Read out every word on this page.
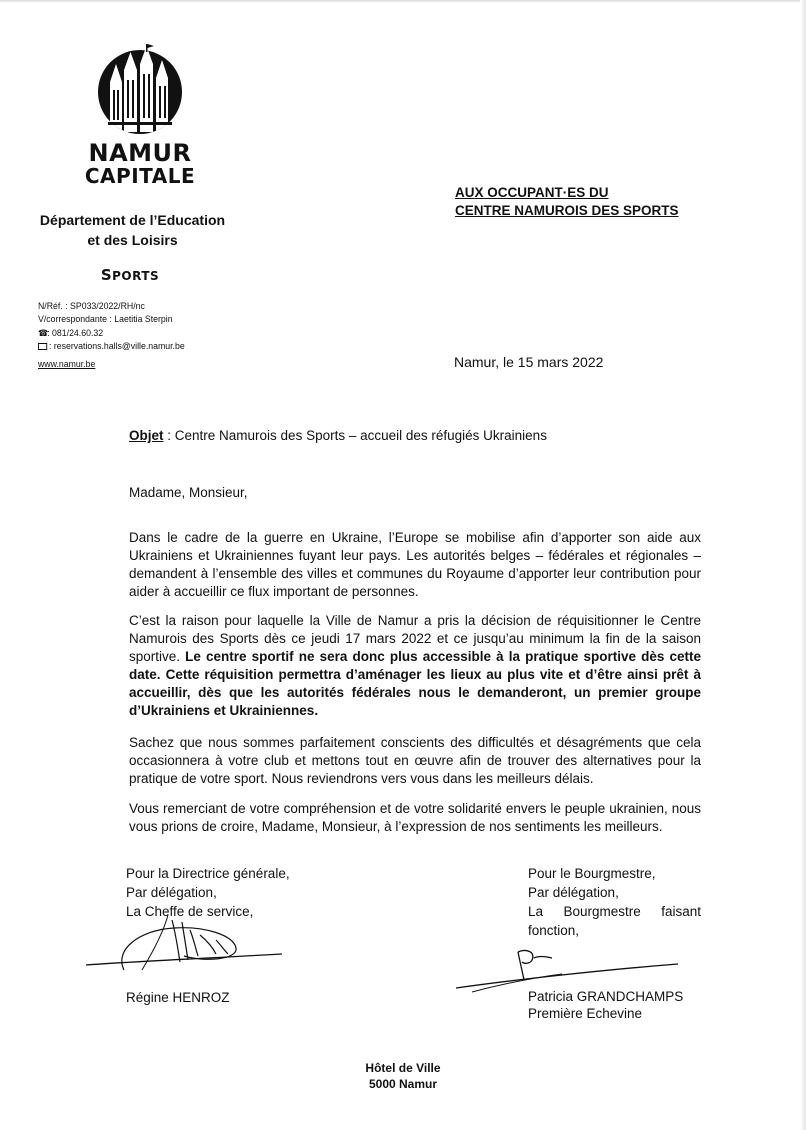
NAMUR
CAPITALE
Département de l’Education
et des Loisirs
SPORTS
N/Réf. : SP033/2022/RH/nc
V/correspondante : Laetitia Sterpin
☎: 081/24.60.32
: reservations.halls@ville.namur.be
www.namur.be
AUX OCCUPANT·ES DU
CENTRE NAMUROIS DES SPORTS
Namur, le 15 mars 2022
Objet : Centre Namurois des Sports – accueil des réfugiés Ukrainiens
Madame, Monsieur,
Dans le cadre de la guerre en Ukraine, l’Europe se mobilise afin d’apporter son aide aux Ukrainiens et Ukrainiennes fuyant leur pays. Les autorités belges – fédérales et régionales – demandent à l’ensemble des villes et communes du Royaume d’apporter leur contribution pour aider à accueillir ce flux important de personnes.
C’est la raison pour laquelle la Ville de Namur a pris la décision de réquisitionner le Centre Namurois des Sports dès ce jeudi 17 mars 2022 et ce jusqu’au minimum la fin de la saison sportive. Le centre sportif ne sera donc plus accessible à la pratique sportive dès cette date. Cette réquisition permettra d’aménager les lieux au plus vite et d’être ainsi prêt à accueillir, dès que les autorités fédérales nous le demanderont, un premier groupe d’Ukrainiens et Ukrainiennes.
Sachez que nous sommes parfaitement conscients des difficultés et désagréments que cela occasionnera à votre club et mettons tout en œuvre afin de trouver des alternatives pour la pratique de votre sport. Nous reviendrons vers vous dans les meilleurs délais.
Vous remerciant de votre compréhension et de votre solidarité envers le peuple ukrainien, nous vous prions de croire, Madame, Monsieur, à l’expression de nos sentiments les meilleurs.
Pour la Directrice générale,
Par délégation,
La Cheffe de service,
Régine HENROZ
Pour le Bourgmestre,
Par délégation,
La Bourgmestre faisant
fonction,
Patricia GRANDCHAMPS
Première Echevine
Hôtel de Ville
5000 Namur
